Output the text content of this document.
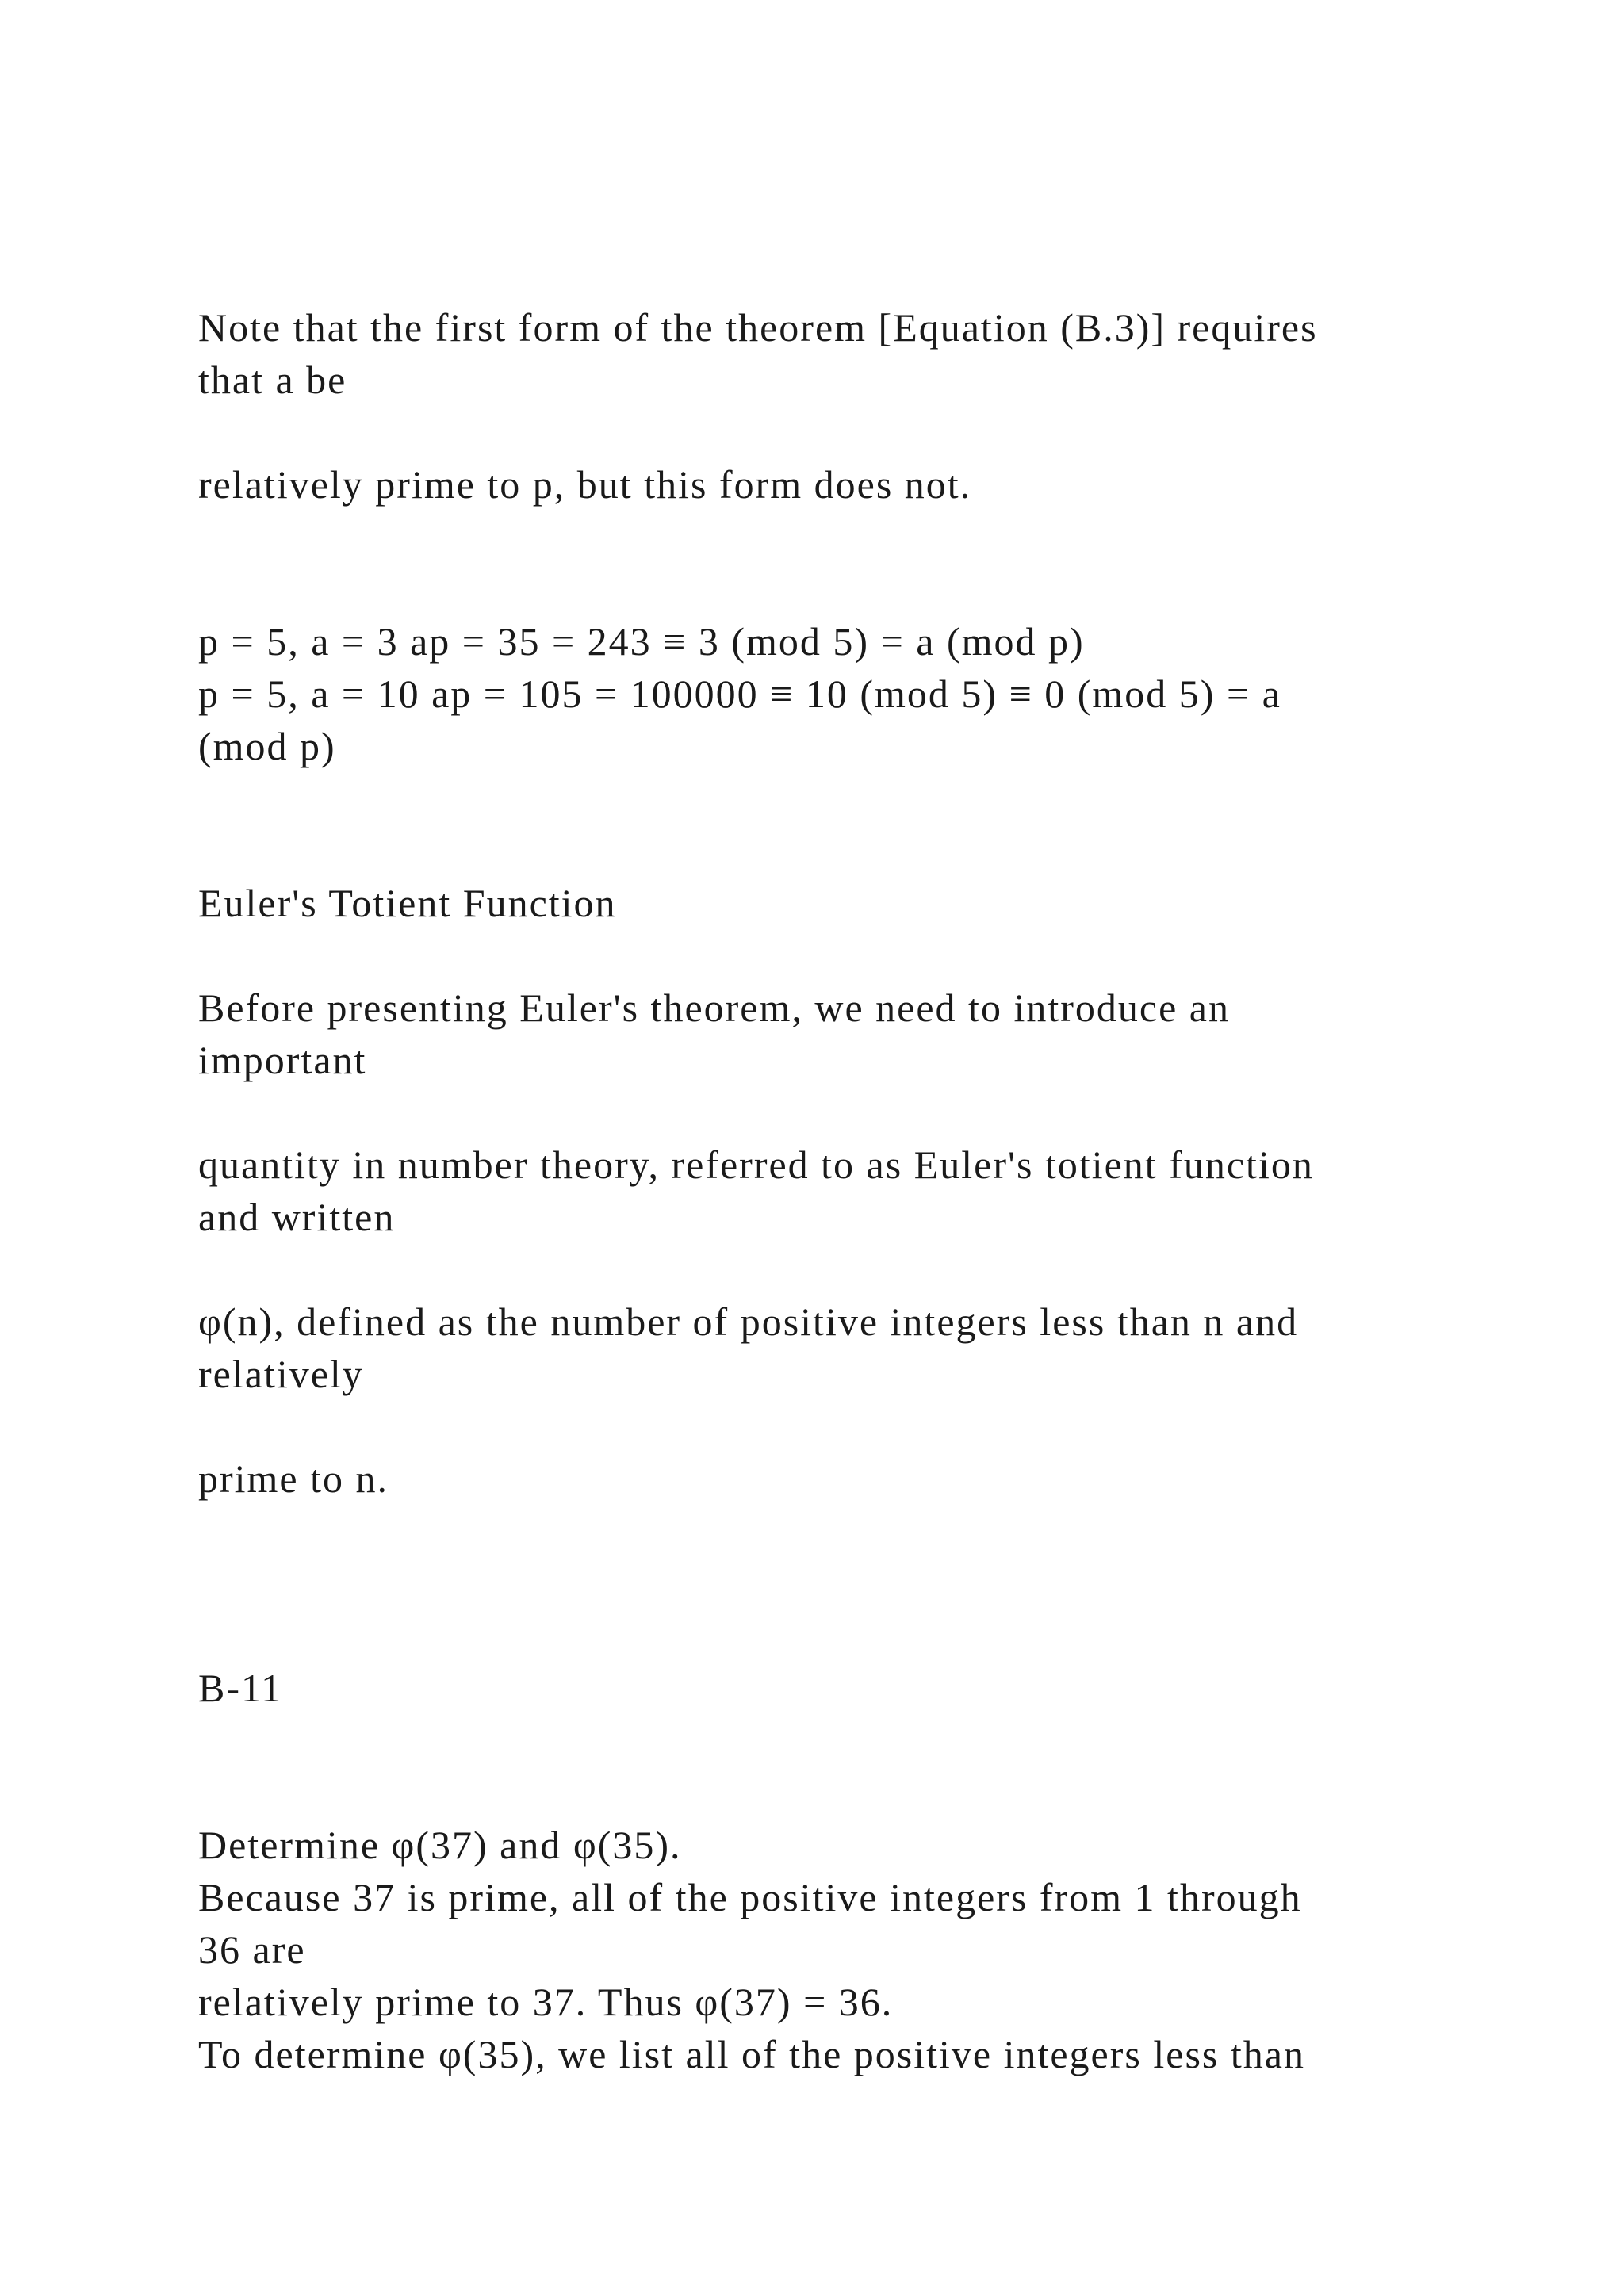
Note that the first form of the theorem [Equation (B.3)] requires

that a be

relatively prime to p, but this form does not.

p = 5, a = 3 ap = 35 = 243 ≡ 3 (mod 5) = a (mod p)

p = 5, a = 10 ap = 105 = 100000 ≡ 10 (mod 5) ≡ 0 (mod 5) = a

(mod p)

Euler's Totient Function

Before presenting Euler's theorem, we need to introduce an

important

quantity in number theory, referred to as Euler's totient function

and written

φ(n), defined as the number of positive integers less than n and

relatively

prime to n.

B-11

Determine φ(37) and φ(35).

Because 37 is prime, all of the positive integers from 1 through

36 are

relatively prime to 37. Thus φ(37) = 36.

To determine φ(35), we list all of the positive integers less than
